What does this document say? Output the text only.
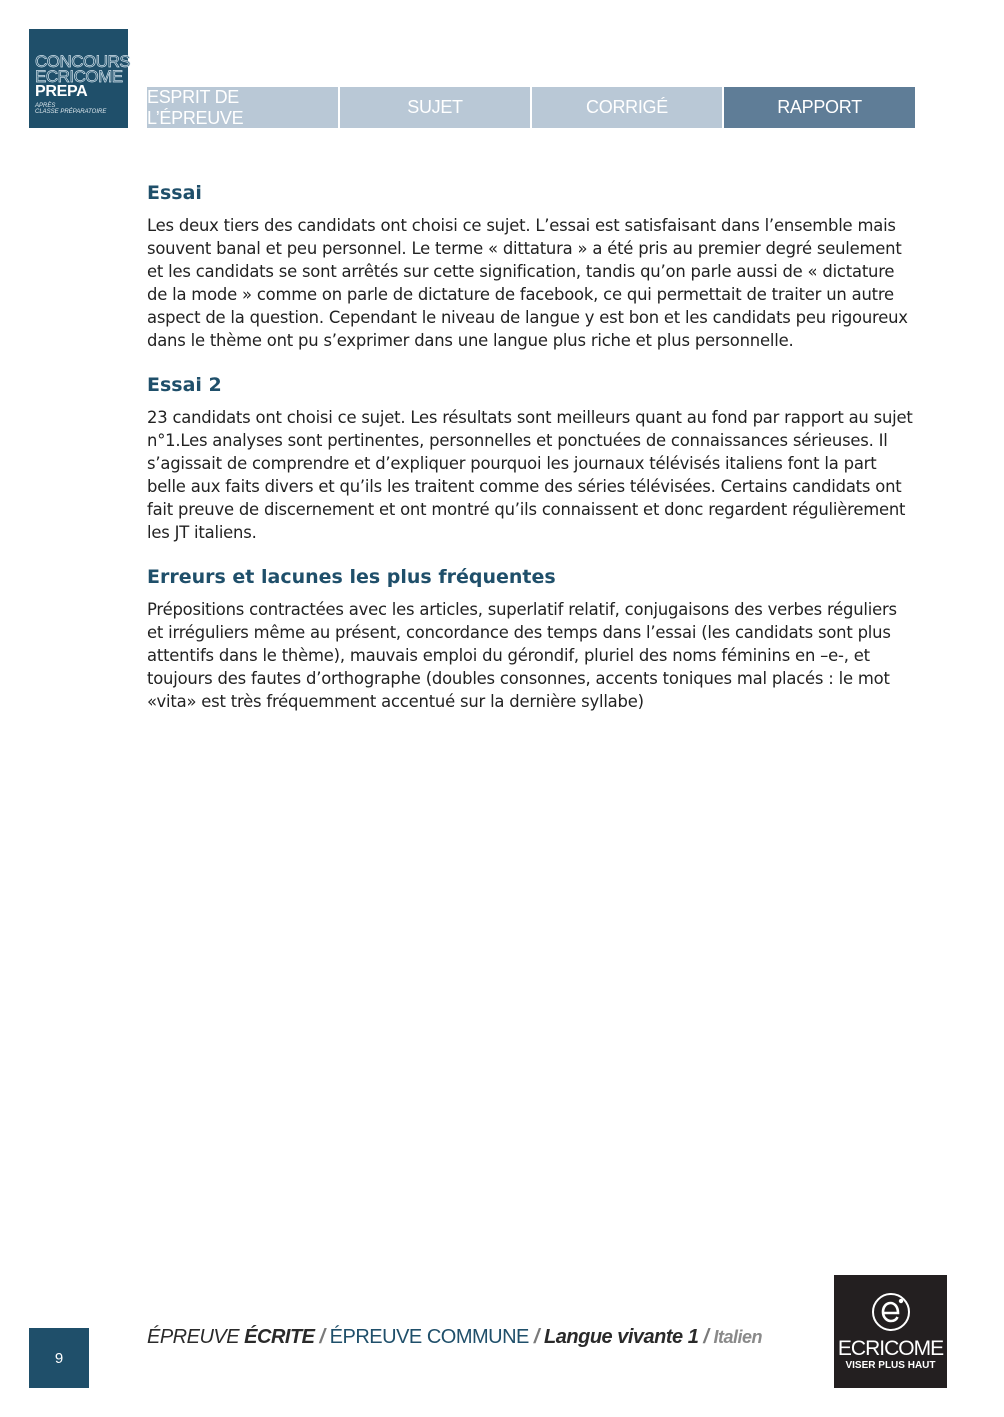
CONCOURS
ECRICOME
PREPA
APRÈS
CLASSE PRÉPARATOIRE
ESPRIT DE L’ÉPREUVE
SUJET	CORRIGÉ	RAPPORT
Essai

Les deux tiers des candidats ont choisi ce sujet. L’essai est satisfaisant dans l’ensemble mais souvent banal et peu personnel. Le terme « dittatura » a été pris au premier degré seulement et les candidats se sont arrêtés sur cette signification, tandis qu’on parle aussi de « dictature de la mode » comme on parle de dictature de facebook, ce qui permettait de traiter un autre aspect de la question. Cependant le niveau de langue y est bon et les candidats peu rigoureux dans le thème ont pu s’exprimer dans une langue plus riche et plus personnelle.

Essai 2

23 candidats ont choisi ce sujet. Les résultats sont meilleurs quant au fond par rapport au sujet n°1.Les analyses sont pertinentes, personnelles et ponctuées de connaissances sérieuses. Il s’agissait de comprendre et d’expliquer pourquoi les journaux télévisés italiens font la part belle aux faits divers et qu’ils les traitent comme des séries télévisées. Certains candidats ont fait preuve de discernement et ont montré qu’ils connaissent et donc regardent régulièrement les JT italiens.

Erreurs et lacunes les plus fréquentes

Prépositions contractées avec les articles, superlatif relatif, conjugaisons des verbes réguliers et irréguliers même au présent, concordance des temps dans l’essai (les candidats sont plus attentifs dans le thème), mauvais emploi du gérondif, pluriel des noms féminins en –e-, et toujours des fautes d’orthographe (doubles consonnes, accents toniques mal placés : le mot «vita» est très fréquemment accentué sur la dernière syllabe)

9
ÉPREUVE ÉCRITE / ÉPREUVE COMMUNE / Langue vivante 1 / Italien	ECRICOME
VISER PLUS HAUT
